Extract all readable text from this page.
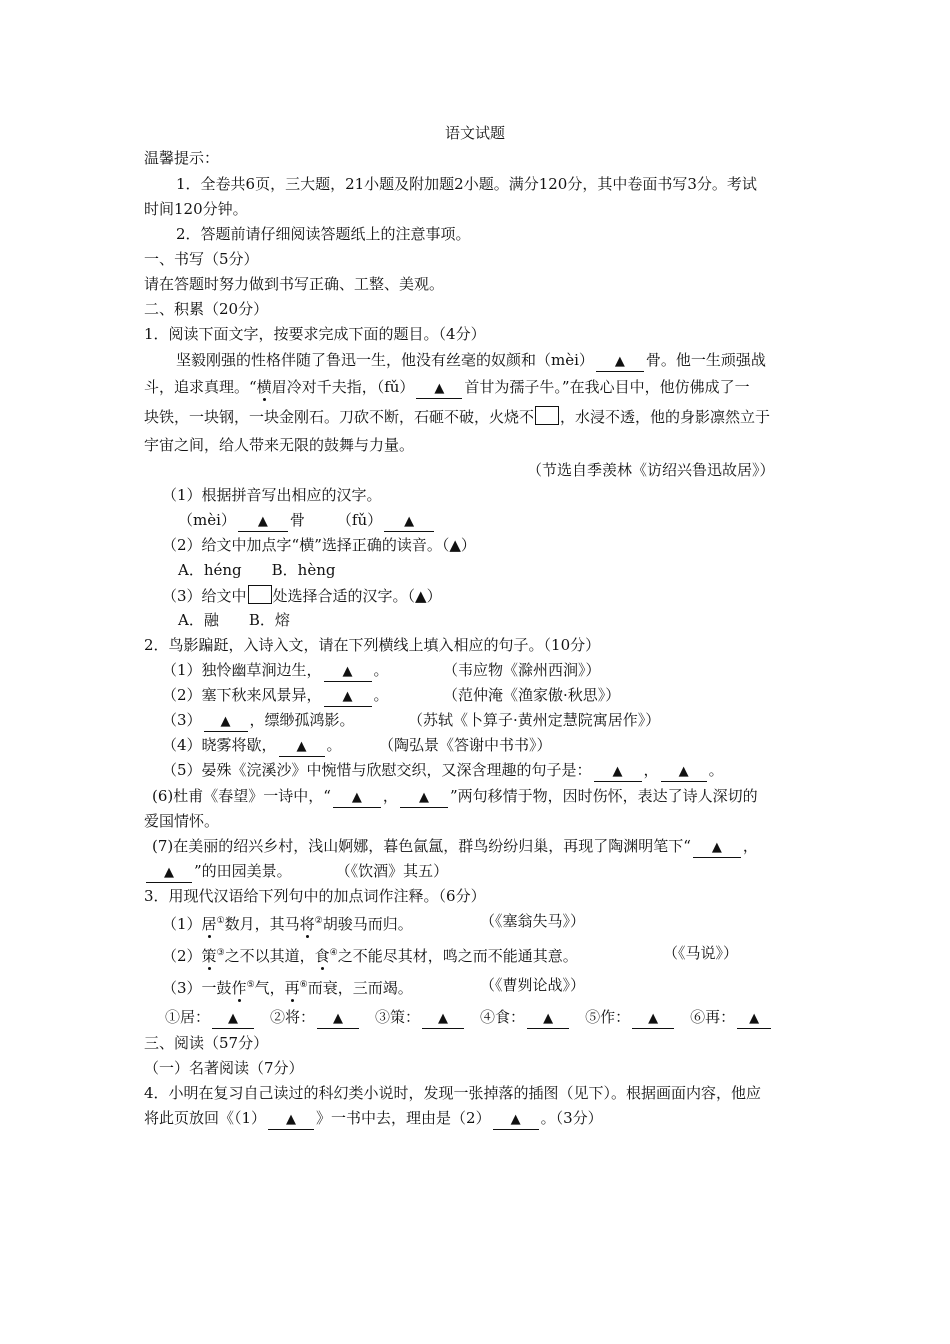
语文试题
温馨提示：
1．全卷共6页，三大题，21小题及附加题2小题。满分120分，其中卷面书写3分。考试
时间120分钟。
2．答题前请仔细阅读答题纸上的注意事项。
一、书写（5分）
请在答题时努力做到书写正确、工整、美观。
二、积累（20分）
1．阅读下面文字，按要求完成下面的题目。（4分）
坚毅刚强的性格伴随了鲁迅一生，他没有丝毫的奴颜和（mèi） ▲ 骨。他一生顽强战
斗，追求真理。“横眉冷对千夫指，（fǔ） ▲ 首甘为孺子牛。”在我心目中，他仿佛成了一
块铁，一块钢，一块金刚石。刀砍不断，石砸不破，火烧不 ，水浸不透，他的身影凛然立于
宇宙之间，给人带来无限的鼓舞与力量。
（节选自季羡林《访绍兴鲁迅故居》）
（1）根据拼音写出相应的汉字。
（mèi） ▲ 骨 （fǔ） ▲
（2）给文中加点字“横”选择正确的读音。（▲）
A．héng　　B．hèng
（3）给文中 处选择合适的汉字。（▲）
A．融　　B．熔
2．鸟影蹁跹，入诗入文，请在下列横线上填入相应的句子。（10分）
（1）独怜幽草涧边生， ▲ 。	（韦应物《滁州西涧》）
（2）塞下秋来风景异， ▲ 。	（范仲淹《渔家傲·秋思》）
（3） ▲ ，缥缈孤鸿影。	（苏轼《卜算子·黄州定慧院寓居作》）
（4）晓雾将歇， ▲ 。 （陶弘景《答谢中书书》）
（5）晏殊《浣溪沙》中惋惜与欣慰交织，又深含理趣的句子是： ▲ ， ▲ 。
(6)杜甫《春望》一诗中，“ ▲ ， ▲ ”两句移情于物，因时伤怀，表达了诗人深切的
爱国情怀。
(7)在美丽的绍兴乡村，浅山婀娜，暮色氤氲，群鸟纷纷归巢，再现了陶渊明笔下“ ▲ ，
▲ ”的田园美景。	（《饮酒》其五）
3．用现代汉语给下列句中的加点词作注释。（6分）
（1）居①数月，其马将②胡骏马而归。	（《塞翁失马》）
（2）策③之不以其道，食④之不能尽其材，鸣之而不能通其意。	（《马说》）
（3）一鼓作⑤气，再⑥而衰，三而竭。	（《曹刿论战》）
①居： ▲ ②将： ▲ ③策： ▲ ④食： ▲ ⑤作： ▲ ⑥再： ▲
三、阅读（57分）
（一）名著阅读（7分）
4．小明在复习自己读过的科幻类小说时，发现一张掉落的插图（见下）。根据画面内容，他应
将此页放回《（1） ▲ 》一书中去，理由是（2） ▲ 。（3分）
